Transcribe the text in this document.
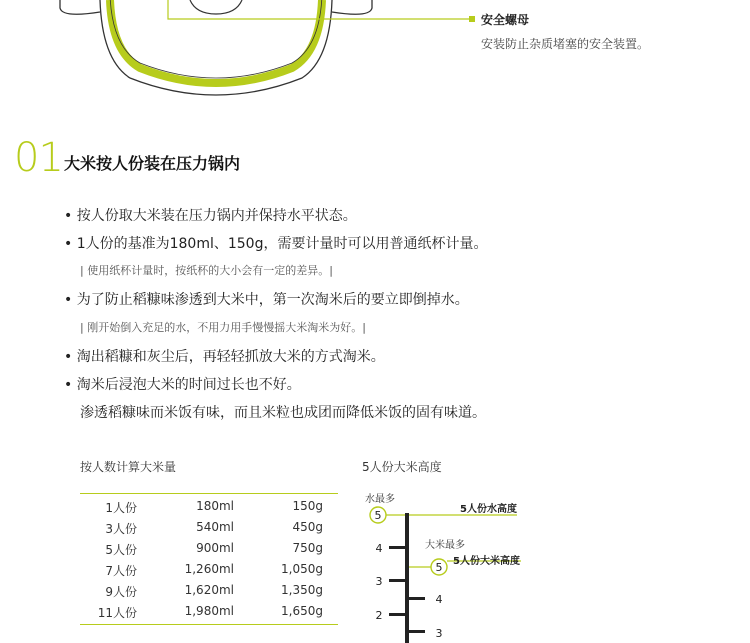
安全螺母
安装防止杂质堵塞的安全装置。
01 大米按人份装在压力锅内
• 按人份取大米装在压力锅内并保持水平状态。
• 1人份的基准为180ml、150g，需要计量时可以用普通纸杯计量。
| 使用纸杯计量时，按纸杯的大小会有一定的差异。|
• 为了防止稻糠味渗透到大米中，第一次淘米后的要立即倒掉水。
| 刚开始倒入充足的水，不用力用手慢慢摇大米淘米为好。|
• 淘出稻糠和灰尘后，再轻轻抓放大米的方式淘米。
• 淘米后浸泡大米的时间过长也不好。
渗透稻糠味而米饭有味，而且米粒也成团而降低米饭的固有味道。
按人数计算大米量
1人份	180ml	150g
3人份	540ml	450g
5人份	900ml	750g
7人份	1,260ml	1,050g
9人份	1,620ml	1,350g
11人份	1,980ml	1,650g
5人份大米高度
5
水最多
5人份水高度
4
3
2
5
大米最多
5人份大米高度
4
3
